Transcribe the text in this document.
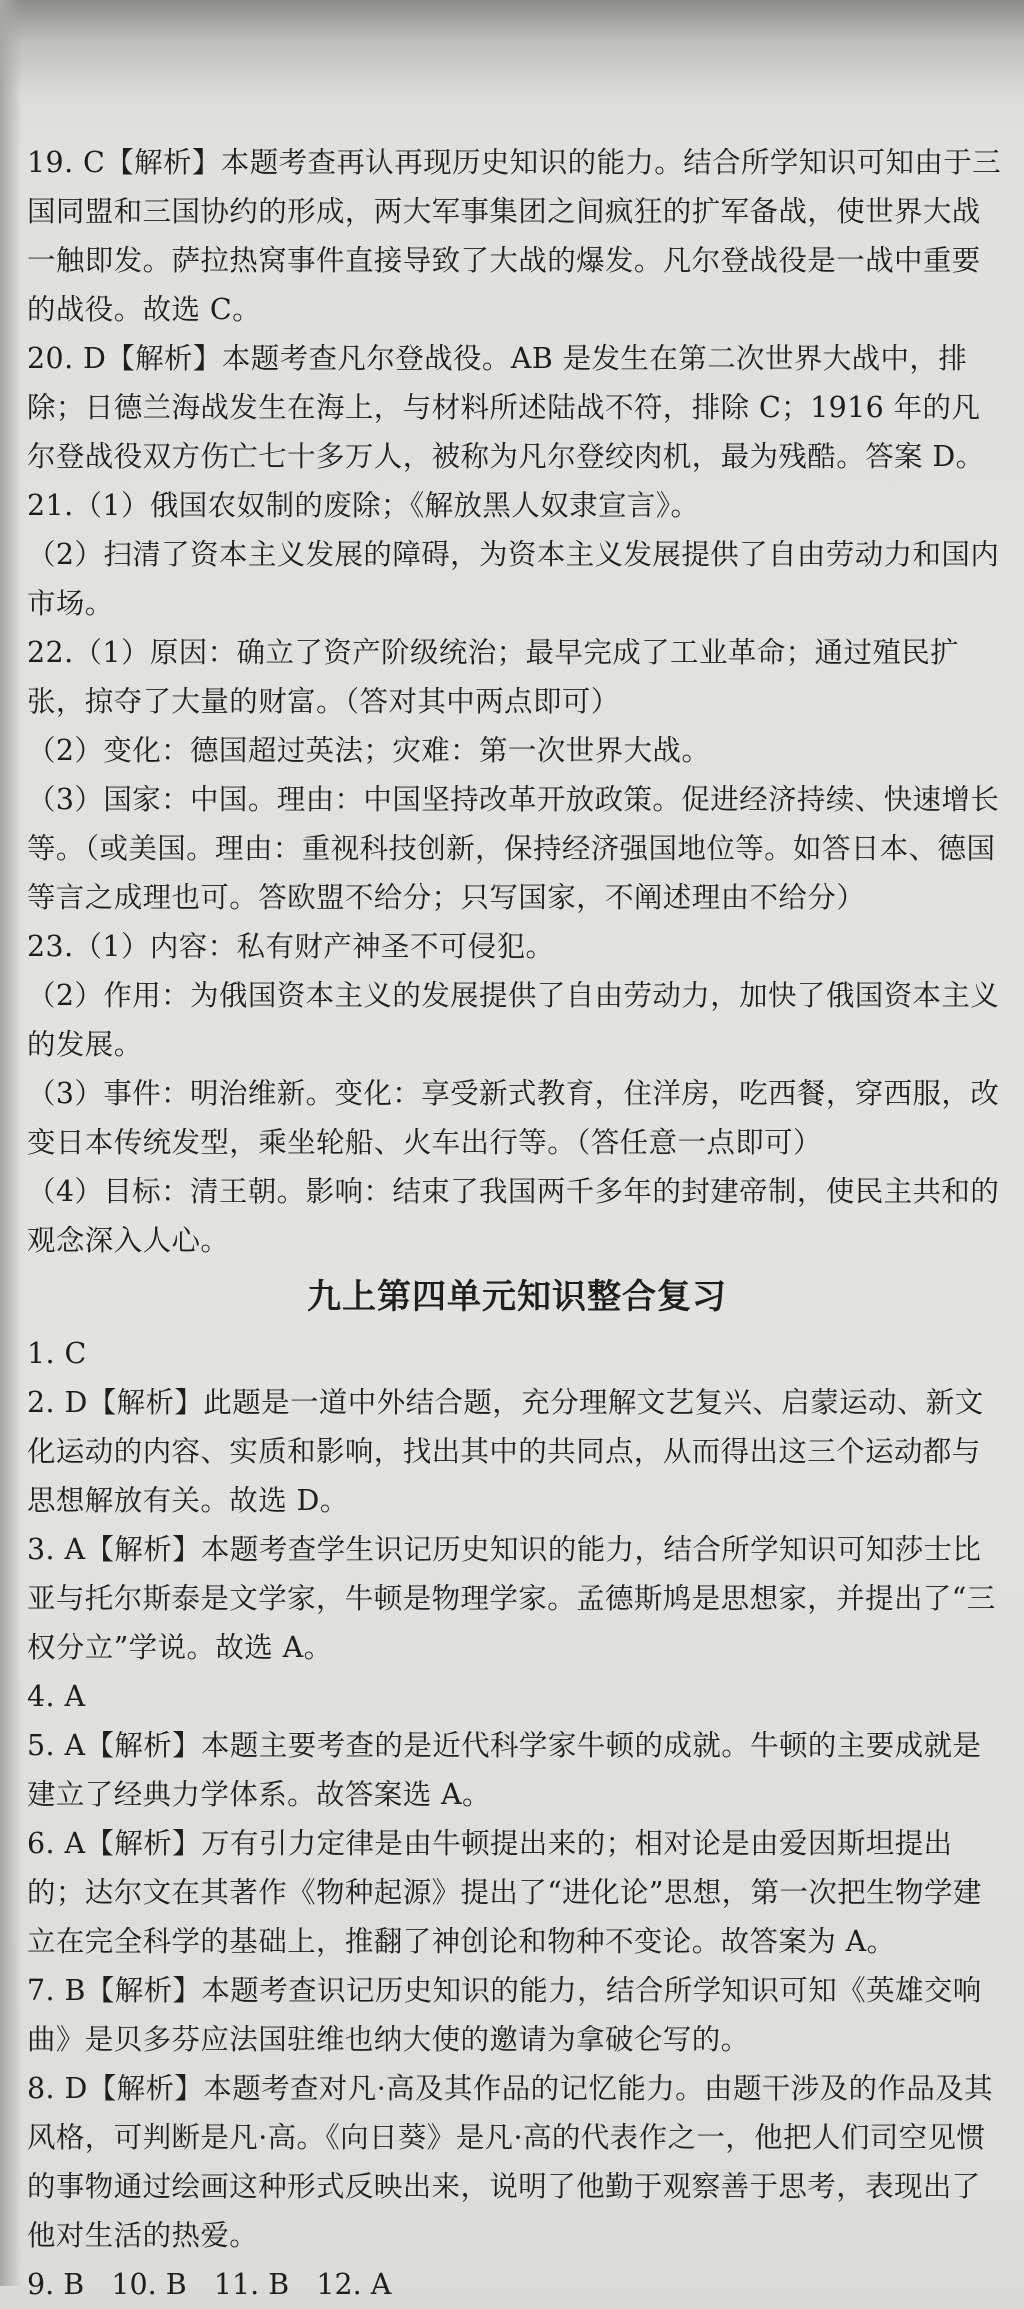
19. C【解析】本题考查再认再现历史知识的能力。结合所学知识可知由于三国同盟和三国协约的形成，两大军事集团之间疯狂的扩军备战，使世界大战一触即发。萨拉热窝事件直接导致了大战的爆发。凡尔登战役是一战中重要的战役。故选 C。

20. D【解析】本题考查凡尔登战役。AB 是发生在第二次世界大战中，排除；日德兰海战发生在海上，与材料所述陆战不符，排除 C；1916 年的凡尔登战役双方伤亡七十多万人，被称为凡尔登绞肉机，最为残酷。答案 D。

21.（1）俄国农奴制的废除；《解放黑人奴隶宣言》。

（2）扫清了资本主义发展的障碍，为资本主义发展提供了自由劳动力和国内市场。

22.（1）原因：确立了资产阶级统治；最早完成了工业革命；通过殖民扩张，掠夺了大量的财富。（答对其中两点即可）

（2）变化：德国超过英法；灾难：第一次世界大战。

（3）国家：中国。理由：中国坚持改革开放政策。促进经济持续、快速增长等。（或美国。理由：重视科技创新，保持经济强国地位等。如答日本、德国等言之成理也可。答欧盟不给分；只写国家，不阐述理由不给分）

23.（1）内容：私有财产神圣不可侵犯。

（2）作用：为俄国资本主义的发展提供了自由劳动力，加快了俄国资本主义的发展。

（3）事件：明治维新。变化：享受新式教育，住洋房，吃西餐，穿西服，改变日本传统发型，乘坐轮船、火车出行等。（答任意一点即可）

（4）目标：清王朝。影响：结束了我国两千多年的封建帝制，使民主共和的观念深入人心。

九上第四单元知识整合复习

1. C

2. D【解析】此题是一道中外结合题，充分理解文艺复兴、启蒙运动、新文化运动的内容、实质和影响，找出其中的共同点，从而得出这三个运动都与思想解放有关。故选 D。

3. A【解析】本题考查学生识记历史知识的能力，结合所学知识可知莎士比亚与托尔斯泰是文学家，牛顿是物理学家。孟德斯鸠是思想家，并提出了“三权分立”学说。故选 A。

4. A

5. A【解析】本题主要考查的是近代科学家牛顿的成就。牛顿的主要成就是建立了经典力学体系。故答案选 A。

6. A【解析】万有引力定律是由牛顿提出来的；相对论是由爱因斯坦提出的；达尔文在其著作《物种起源》提出了“进化论”思想，第一次把生物学建立在完全科学的基础上，推翻了神创论和物种不变论。故答案为 A。

7. B【解析】本题考查识记历史知识的能力，结合所学知识可知《英雄交响曲》是贝多芬应法国驻维也纳大使的邀请为拿破仑写的。

8. D【解析】本题考查对凡·高及其作品的记忆能力。由题干涉及的作品及其风格，可判断是凡·高。《向日葵》是凡·高的代表作之一，他把人们司空见惯的事物通过绘画这种形式反映出来，说明了他勤于观察善于思考，表现出了他对生活的热爱。

9. B   10. B   11. B   12. A
